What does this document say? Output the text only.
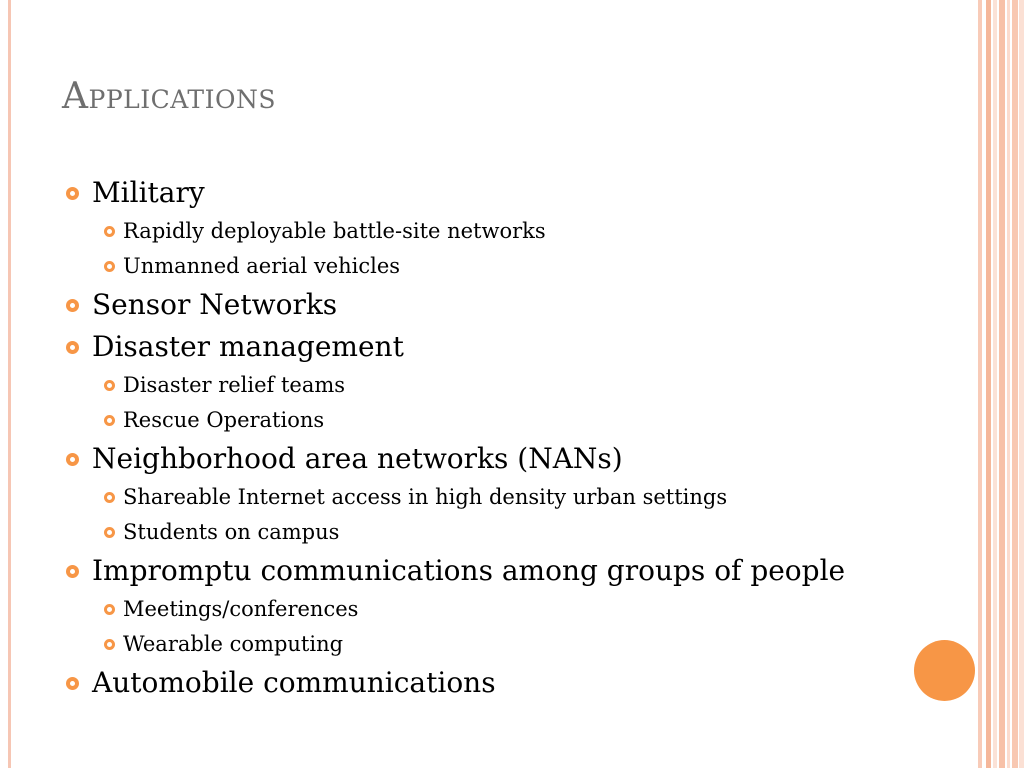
Applications
Military
Rapidly deployable battle-site networks
Unmanned aerial vehicles
Sensor Networks
Disaster management
Disaster relief teams
Rescue Operations
Neighborhood area networks (NANs)
Shareable Internet access in high density urban settings
Students on campus
Impromptu communications among groups of people
Meetings/conferences
Wearable computing
Automobile communications
